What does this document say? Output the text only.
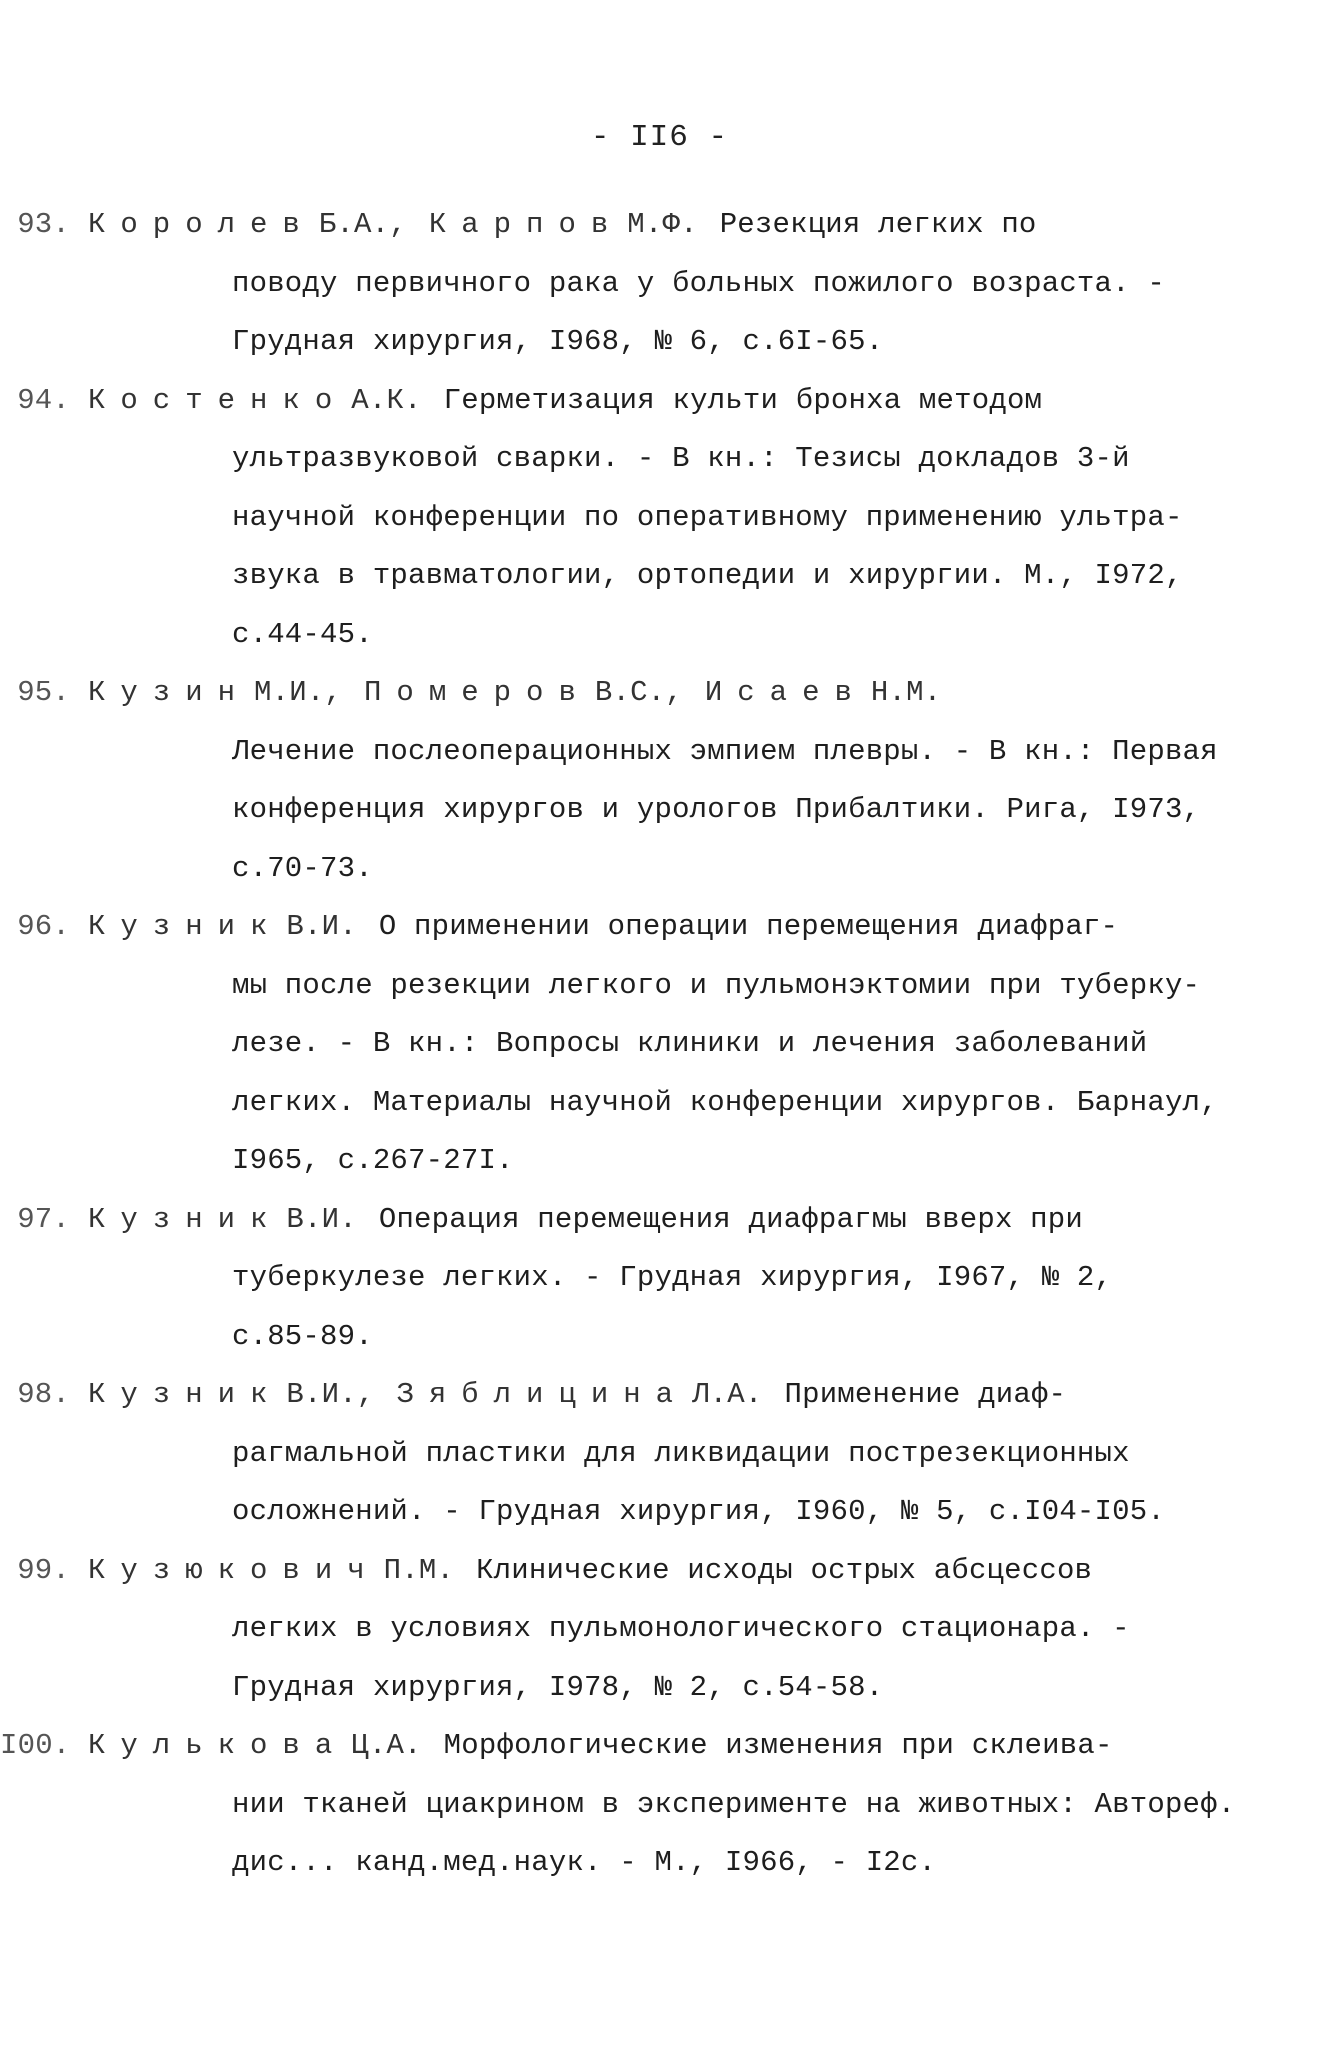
- II6 -
93. Королев Б.А., Карпов М.Ф. Резекция легких по
поводу первичного рака у больных пожилого возраста. -
Грудная хирургия, I968, № 6, с.6I-65.
94. Костенко А.К. Герметизация культи бронха методом
ультразвуковой сварки. - В кн.: Тезисы докладов 3-й
научной конференции по оперативному применению ультра-
звука в травматологии, ортопедии и хирургии. М., I972,
с.44-45.
95. Кузин М.И., Померов В.С., Исаев Н.М.
Лечение послеоперационных эмпием плевры. - В кн.: Первая
конференция хирургов и урологов Прибалтики. Рига, I973,
с.70-73.
96. Кузник В.И. О применении операции перемещения диафраг-
мы после резекции легкого и пульмонэктомии при туберку-
лезе. - В кн.: Вопросы клиники и лечения заболеваний
легких. Материалы научной конференции хирургов. Барнаул,
I965, с.267-27I.
97. Кузник В.И. Операция перемещения диафрагмы вверх при
туберкулезе легких. - Грудная хирургия, I967, № 2,
с.85-89.
98. Кузник В.И., Зяблицина Л.А. Применение диаф-
рагмальной пластики для ликвидации пострезекционных
осложнений. - Грудная хирургия, I960, № 5, с.I04-I05.
99. Кузюкович П.М. Клинические исходы острых абсцессов
легких в условиях пульмонологического стационара. -
Грудная хирургия, I978, № 2, с.54-58.
I00. Кулькова Ц.А. Морфологические изменения при склеива-
нии тканей циакрином в эксперименте на животных: Автореф.
дис... канд.мед.наук. - М., I966, - I2с.
